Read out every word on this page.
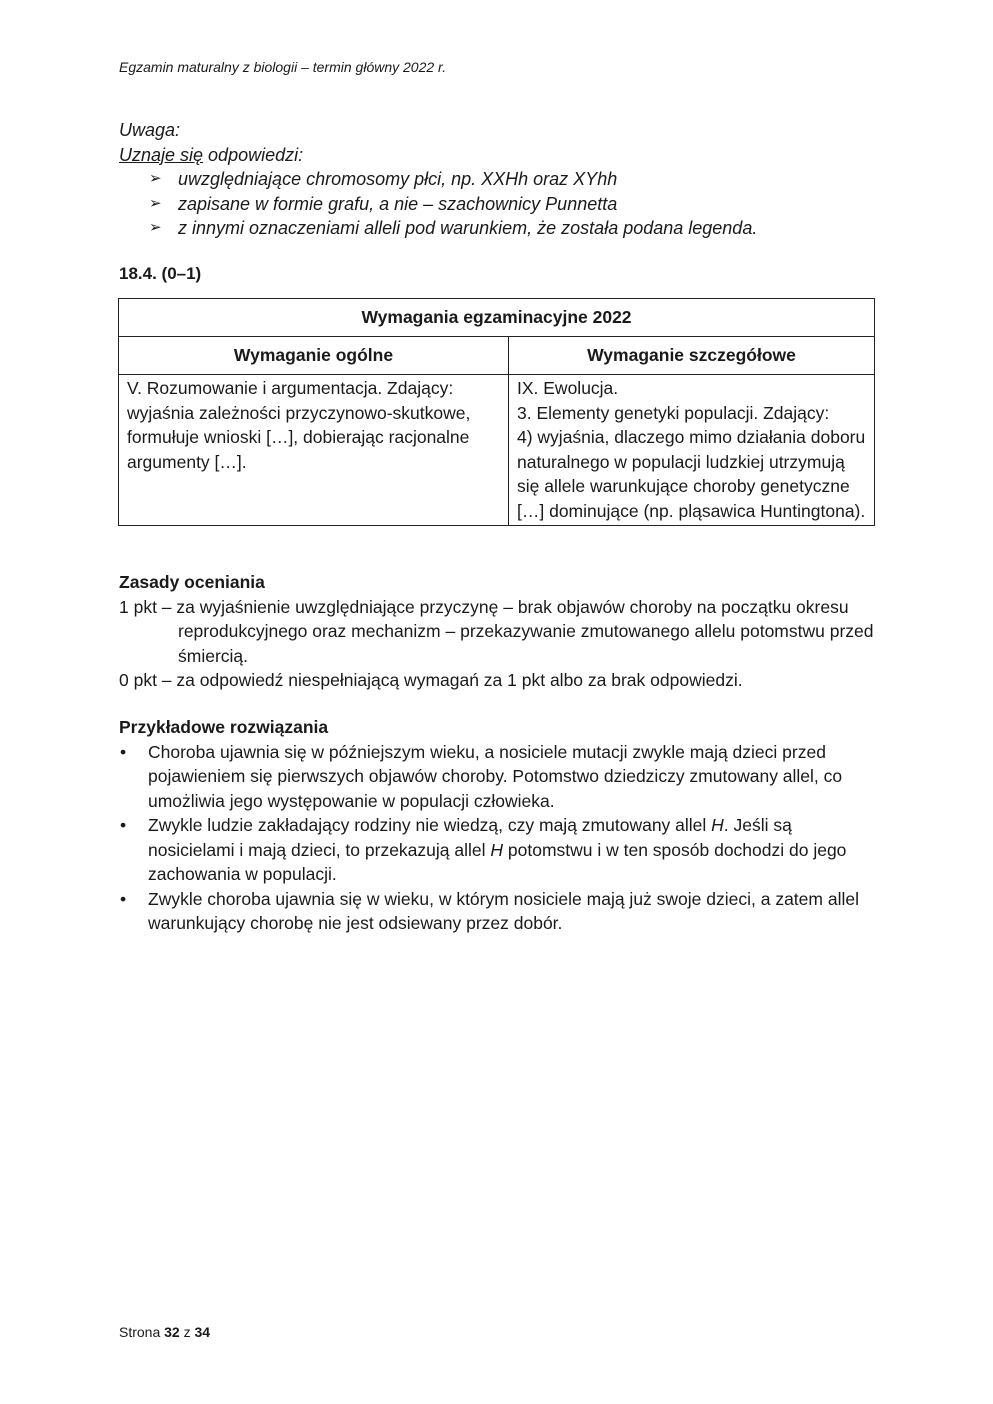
Egzamin maturalny z biologii – termin główny 2022 r.
Uwaga:
Uznaje się odpowiedzi:
➢ uwzględniające chromosomy płci, np. XXHh oraz XYhh
➢ zapisane w formie grafu, a nie – szachownicy Punnetta
➢ z innymi oznaczeniami alleli pod warunkiem, że została podana legenda.
18.4. (0–1)
Wymagania egzaminacyjne 2022	
Wymaganie ogólne	Wymaganie szczegółowe
V. Rozumowanie i argumentacja. Zdający: wyjaśnia zależności przyczynowo-skutkowe, formułuje wnioski […], dobierając racjonalne argumenty […].	IX. Ewolucja.
3. Elementy genetyki populacji. Zdający:
4) wyjaśnia, dlaczego mimo działania doboru naturalnego w populacji ludzkiej utrzymują się allele warunkujące choroby genetyczne […] dominujące (np. pląsawica Huntingtona).
Zasady oceniania

1 pkt – za wyjaśnienie uwzględniające przyczynę – brak objawów choroby na początku okresu reprodukcyjnego oraz mechanizm – przekazywanie zmutowanego allelu potomstwu przed śmiercią.

0 pkt – za odpowiedź niespełniającą wymagań za 1 pkt albo za brak odpowiedzi.

Przykładowe rozwiązania
• Choroba ujawnia się w późniejszym wieku, a nosiciele mutacji zwykle mają dzieci przed pojawieniem się pierwszych objawów choroby. Potomstwo dziedziczy zmutowany allel, co umożliwia jego występowanie w populacji człowieka.
• Zwykle ludzie zakładający rodziny nie wiedzą, czy mają zmutowany allel H. Jeśli są nosicielami i mają dzieci, to przekazują allel H potomstwu i w ten sposób dochodzi do jego zachowania w populacji.
• Zwykle choroba ujawnia się w wieku, w którym nosiciele mają już swoje dzieci, a zatem allel warunkujący chorobę nie jest odsiewany przez dobór.
Strona 32 z 34
